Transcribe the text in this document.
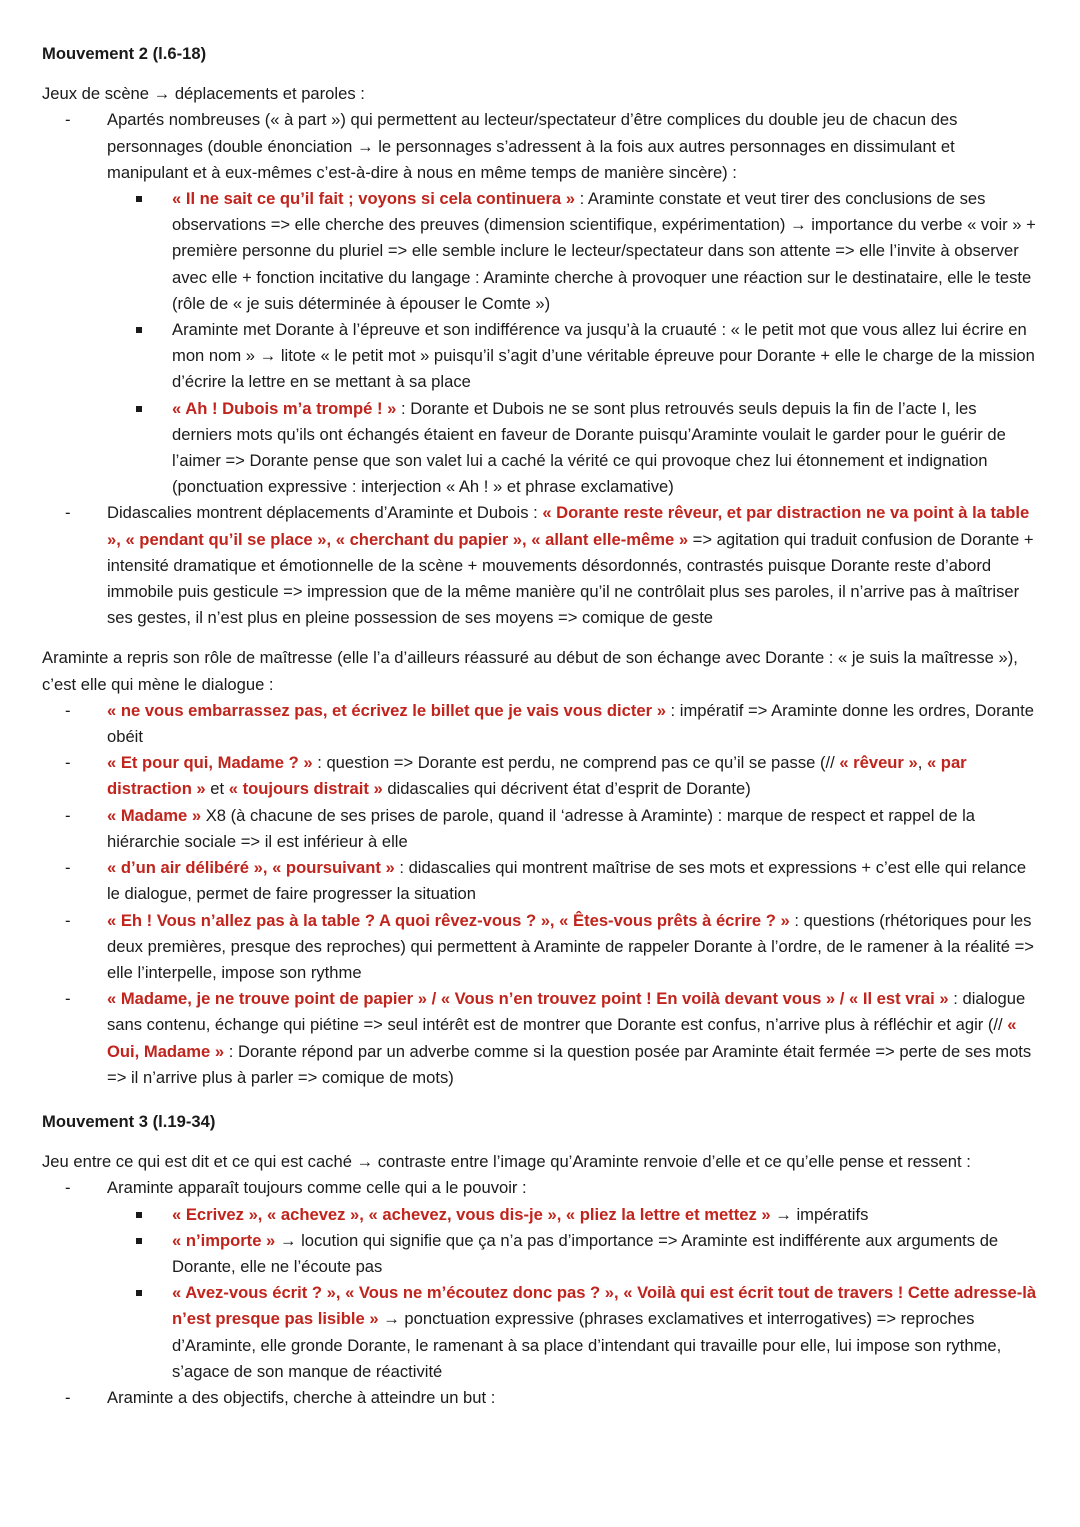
Mouvement 2 (l.6-18)

Jeux de scène → déplacements et paroles :

- Apartés nombreuses (« à part ») qui permettent au lecteur/spectateur d’être complices du double jeu de chacun des personnages (double énonciation → le personnages s’adressent à la fois aux autres personnages en dissimulant et manipulant et à eux-mêmes c’est-à-dire à nous en même temps de manière sincère) :
« Il ne sait ce qu’il fait ; voyons si cela continuera » : Araminte constate et veut tirer des conclusions de ses observations => elle cherche des preuves (dimension scientifique, expérimentation) → importance du verbe « voir » + première personne du pluriel => elle semble inclure le lecteur/spectateur dans son attente => elle l’invite à observer avec elle + fonction incitative du langage : Araminte cherche à provoquer une réaction sur le destinataire, elle le teste (rôle de « je suis déterminée à épouser le Comte »)
Araminte met Dorante à l’épreuve et son indifférence va jusqu’à la cruauté : « le petit mot que vous allez lui écrire en mon nom » → litote « le petit mot » puisqu’il s’agit d’une véritable épreuve pour Dorante + elle le charge de la mission d’écrire la lettre en se mettant à sa place
« Ah ! Dubois m’a trompé ! » : Dorante et Dubois ne se sont plus retrouvés seuls depuis la fin de l’acte I, les derniers mots qu’ils ont échangés étaient en faveur de Dorante puisqu’Araminte voulait le garder pour le guérir de l’aimer => Dorante pense que son valet lui a caché la vérité ce qui provoque chez lui étonnement et indignation (ponctuation expressive : interjection « Ah ! » et phrase exclamative)
- Didascalies montrent déplacements d’Araminte et Dubois : « Dorante reste rêveur, et par distraction ne va point à la table », « pendant qu’il se place », « cherchant du papier », « allant elle-même » => agitation qui traduit confusion de Dorante + intensité dramatique et émotionnelle de la scène + mouvements désordonnés, contrastés puisque Dorante reste d’abord immobile puis gesticule => impression que de la même manière qu’il ne contrôlait plus ses paroles, il n’arrive pas à maîtriser ses gestes, il n’est plus en pleine possession de ses moyens => comique de geste

Araminte a repris son rôle de maîtresse (elle l’a d’ailleurs réassuré au début de son échange avec Dorante : « je suis la maîtresse »), c’est elle qui mène le dialogue :

- « ne vous embarrassez pas, et écrivez le billet que je vais vous dicter » : impératif => Araminte donne les ordres, Dorante obéit
- « Et pour qui, Madame ? » : question => Dorante est perdu, ne comprend pas ce qu’il se passe (// « rêveur », « par distraction » et « toujours distrait » didascalies qui décrivent état d’esprit de Dorante)
- « Madame » X8 (à chacune de ses prises de parole, quand il ‘adresse à Araminte) : marque de respect et rappel de la hiérarchie sociale => il est inférieur à elle
- « d’un air délibéré », « poursuivant » : didascalies qui montrent maîtrise de ses mots et expressions + c’est elle qui relance le dialogue, permet de faire progresser la situation
- « Eh ! Vous n’allez pas à la table ? A quoi rêvez-vous ? », « Êtes-vous prêts à écrire ? » : questions (rhétoriques pour les deux premières, presque des reproches) qui permettent à Araminte de rappeler Dorante à l’ordre, de le ramener à la réalité => elle l’interpelle, impose son rythme
- « Madame, je ne trouve point de papier » / « Vous n’en trouvez point ! En voilà devant vous » / « Il est vrai » : dialogue sans contenu, échange qui piétine => seul intérêt est de montrer que Dorante est confus, n’arrive plus à réfléchir et agir (// « Oui, Madame » : Dorante répond par un adverbe comme si la question posée par Araminte était fermée => perte de ses mots => il n’arrive plus à parler => comique de mots)

Mouvement 3 (l.19-34)

Jeu entre ce qui est dit et ce qui est caché → contraste entre l’image qu’Araminte renvoie d’elle et ce qu’elle pense et ressent :

- Araminte apparaît toujours comme celle qui a le pouvoir :
« Ecrivez », « achevez », « achevez, vous dis-je », « pliez la lettre et mettez » → impératifs
« n’importe » → locution qui signifie que ça n’a pas d’importance => Araminte est indifférente aux arguments de Dorante, elle ne l’écoute pas
« Avez-vous écrit ? », « Vous ne m’écoutez donc pas ? », « Voilà qui est écrit tout de travers ! Cette adresse-là n’est presque pas lisible » → ponctuation expressive (phrases exclamatives et interrogatives) => reproches d’Araminte, elle gronde Dorante, le ramenant à sa place d’intendant qui travaille pour elle, lui impose son rythme, s’agace de son manque de réactivité
- Araminte a des objectifs, cherche à atteindre un but :
